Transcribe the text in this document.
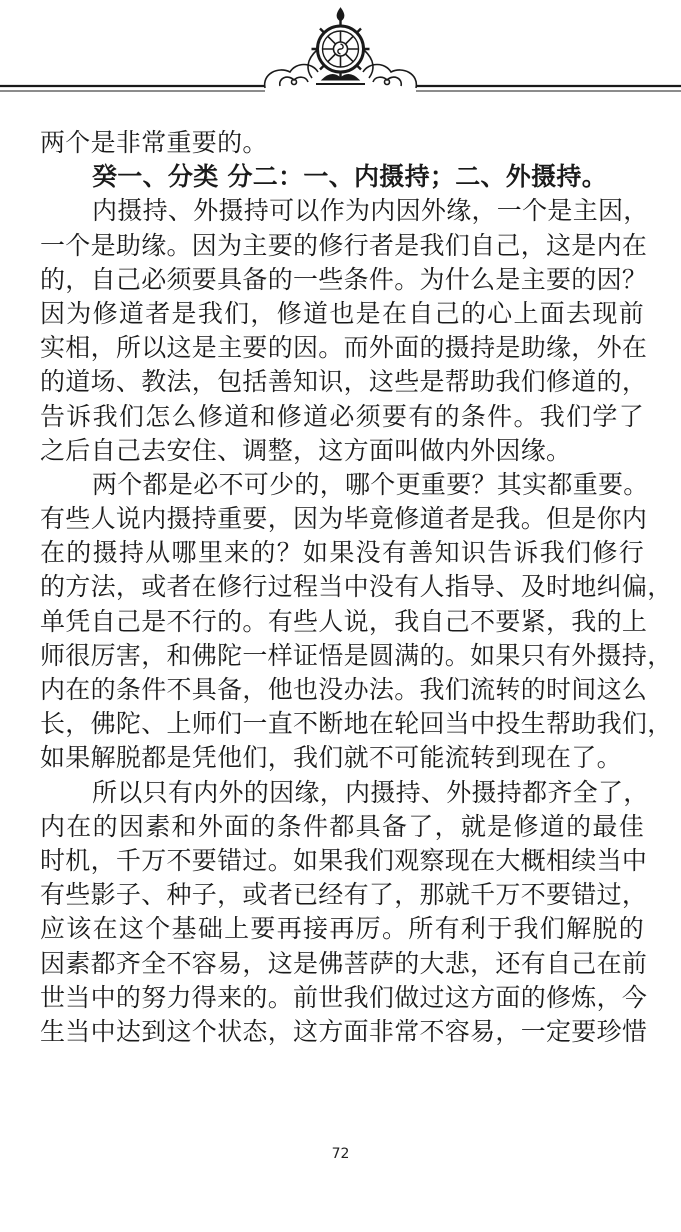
两个是非常重要的。
癸一、分类 分二：一、内摄持；二、外摄持。
内摄持、外摄持可以作为内因外缘，一个是主因，
一个是助缘。因为主要的修行者是我们自己，这是内在
的，自己必须要具备的一些条件。为什么是主要的因？
因为修道者是我们，修道也是在自己的心上面去现前
实相，所以这是主要的因。而外面的摄持是助缘，外在
的道场、教法，包括善知识，这些是帮助我们修道的，
告诉我们怎么修道和修道必须要有的条件。我们学了
之后自己去安住、调整，这方面叫做内外因缘。
两个都是必不可少的，哪个更重要？其实都重要。
有些人说内摄持重要，因为毕竟修道者是我。但是你内
在的摄持从哪里来的？如果没有善知识告诉我们修行
的方法，或者在修行过程当中没有人指导、及时地纠偏，
单凭自己是不行的。有些人说，我自己不要紧，我的上
师很厉害，和佛陀一样证悟是圆满的。如果只有外摄持，
内在的条件不具备，他也没办法。我们流转的时间这么
长，佛陀、上师们一直不断地在轮回当中投生帮助我们，
如果解脱都是凭他们，我们就不可能流转到现在了。
所以只有内外的因缘，内摄持、外摄持都齐全了，
内在的因素和外面的条件都具备了，就是修道的最佳
时机，千万不要错过。如果我们观察现在大概相续当中
有些影子、种子，或者已经有了，那就千万不要错过，
应该在这个基础上要再接再厉。所有利于我们解脱的
因素都齐全不容易，这是佛菩萨的大悲，还有自己在前
世当中的努力得来的。前世我们做过这方面的修炼，今
生当中达到这个状态，这方面非常不容易，一定要珍惜
72
